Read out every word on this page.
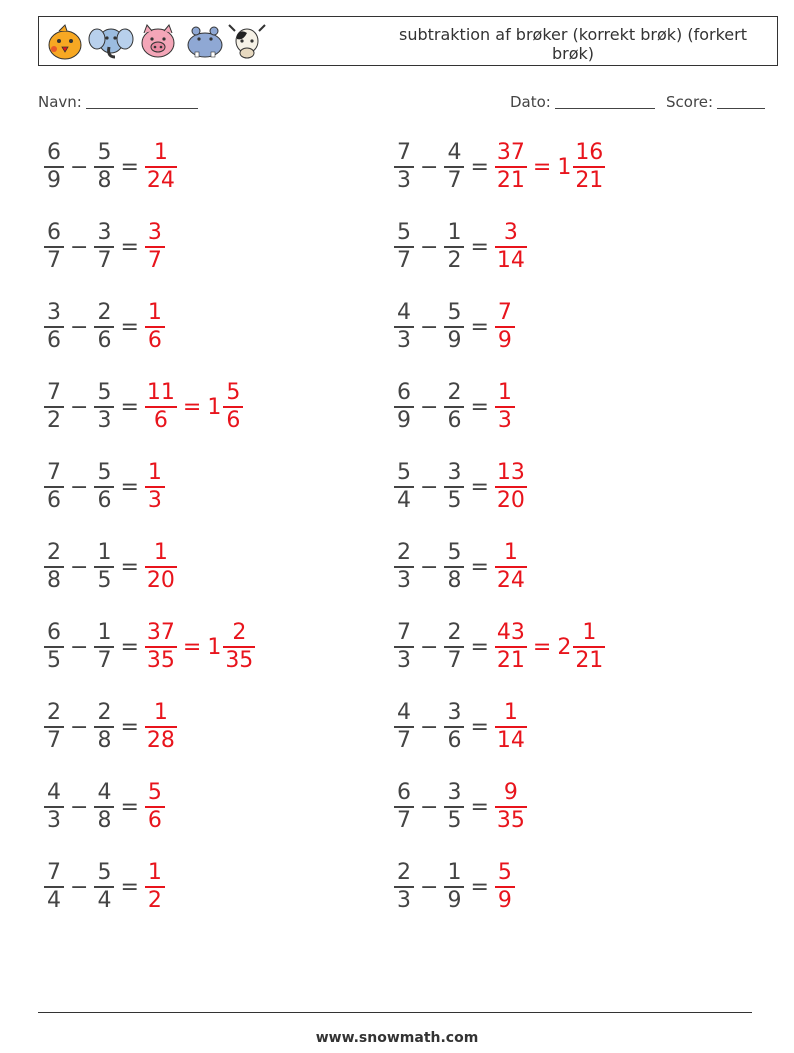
subtraktion af brøker (korrekt brøk) (forkert brøk)
Navn:	Dato:	Score:
$\frac{6}{9} - \frac{5}{8} = \frac{1}{24}$
$\frac{6}{7} - \frac{3}{7} = \frac{3}{7}$
$\frac{3}{6} - \frac{2}{6} = \frac{1}{6}$
$\frac{7}{2} - \frac{5}{3} = \frac{11}{6} = 1 \frac{5}{6}$
$\frac{7}{6} - \frac{5}{6} = \frac{1}{3}$
$\frac{2}{8} - \frac{1}{5} = \frac{1}{20}$
$\frac{6}{5} - \frac{1}{7} = \frac{37}{35} = 1 \frac{2}{35}$
$\frac{2}{7} - \frac{2}{8} = \frac{1}{28}$
$\frac{4}{3} - \frac{4}{8} = \frac{5}{6}$
$\frac{7}{4} - \frac{5}{4} = \frac{1}{2}$
$\frac{7}{3} - \frac{4}{7} = \frac{37}{21} = 1 \frac{16}{21}$
$\frac{5}{7} - \frac{1}{2} = \frac{3}{14}$
$\frac{4}{3} - \frac{5}{9} = \frac{7}{9}$
$\frac{6}{9} - \frac{2}{6} = \frac{1}{3}$
$\frac{5}{4} - \frac{3}{5} = \frac{13}{20}$
$\frac{2}{3} - \frac{5}{8} = \frac{1}{24}$
$\frac{7}{3} - \frac{2}{7} = \frac{43}{21} = 2 \frac{1}{21}$
$\frac{4}{7} - \frac{3}{6} = \frac{1}{14}$
$\frac{6}{7} - \frac{3}{5} = \frac{9}{35}$
$\frac{2}{3} - \frac{1}{9} = \frac{5}{9}$
www.snowmath.com
